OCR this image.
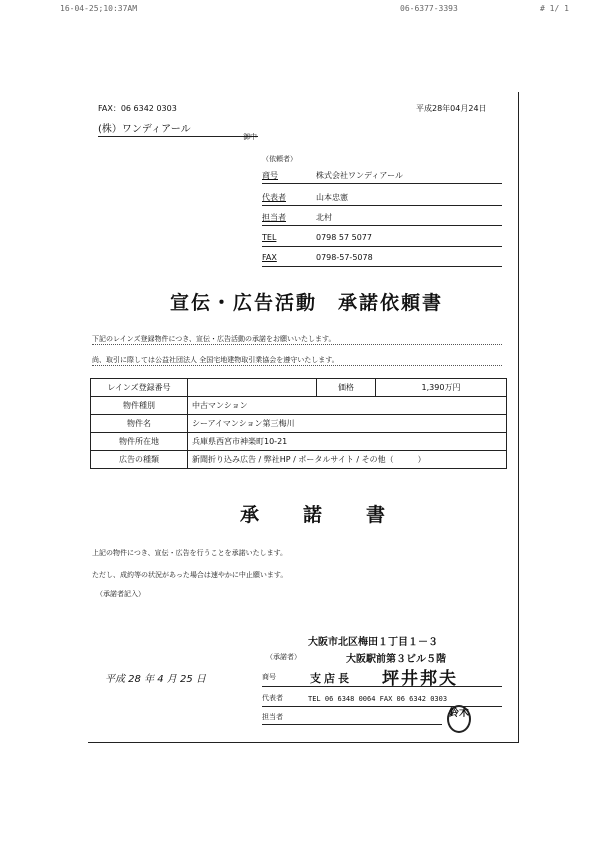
16-04-25;10:37AM	06-6377-3393	# 1/ 1
FAX：06 6342 0303	平成28年04月24日
(株）ワンディアール
御中
（依頼者）
商号	株式会社ワンディアール
代表者	山本忠憲
担当者	北村
TEL	0798 57 5077
FAX	0798-57-5078
宣伝・広告活動　承諾依頼書
下記のレインズ登録物件につき、宣伝・広告活動の承諾をお願いいたします。
尚、取引に際しては公益社団法人 全国宅地建物取引業協会を遵守いたします。
レインズ登録番号		価格	1,390万円
物件種別	中古マンション		
物件名	シーアイマンション第三梅川		
物件所在地	兵庫県西宮市神楽町10-21		
広告の種類	新聞折り込み広告 / 弊社HP / ポータルサイト / その他（　　　）		
承　　諾　　書
上記の物件につき、宣伝・広告を行うことを承諾いたします。
ただし、成約等の状況があった場合は速やかに中止願います。
（承諾者記入）
大阪市北区梅田１丁目１－３
（承諾者）	大阪駅前第３ビル５階
平成 28 年 4 月 25 日	商号	支店長 坪井邦夫
代表者	TEL 06 6348 0064 FAX 06 6342 0303
担当者	鈴木
